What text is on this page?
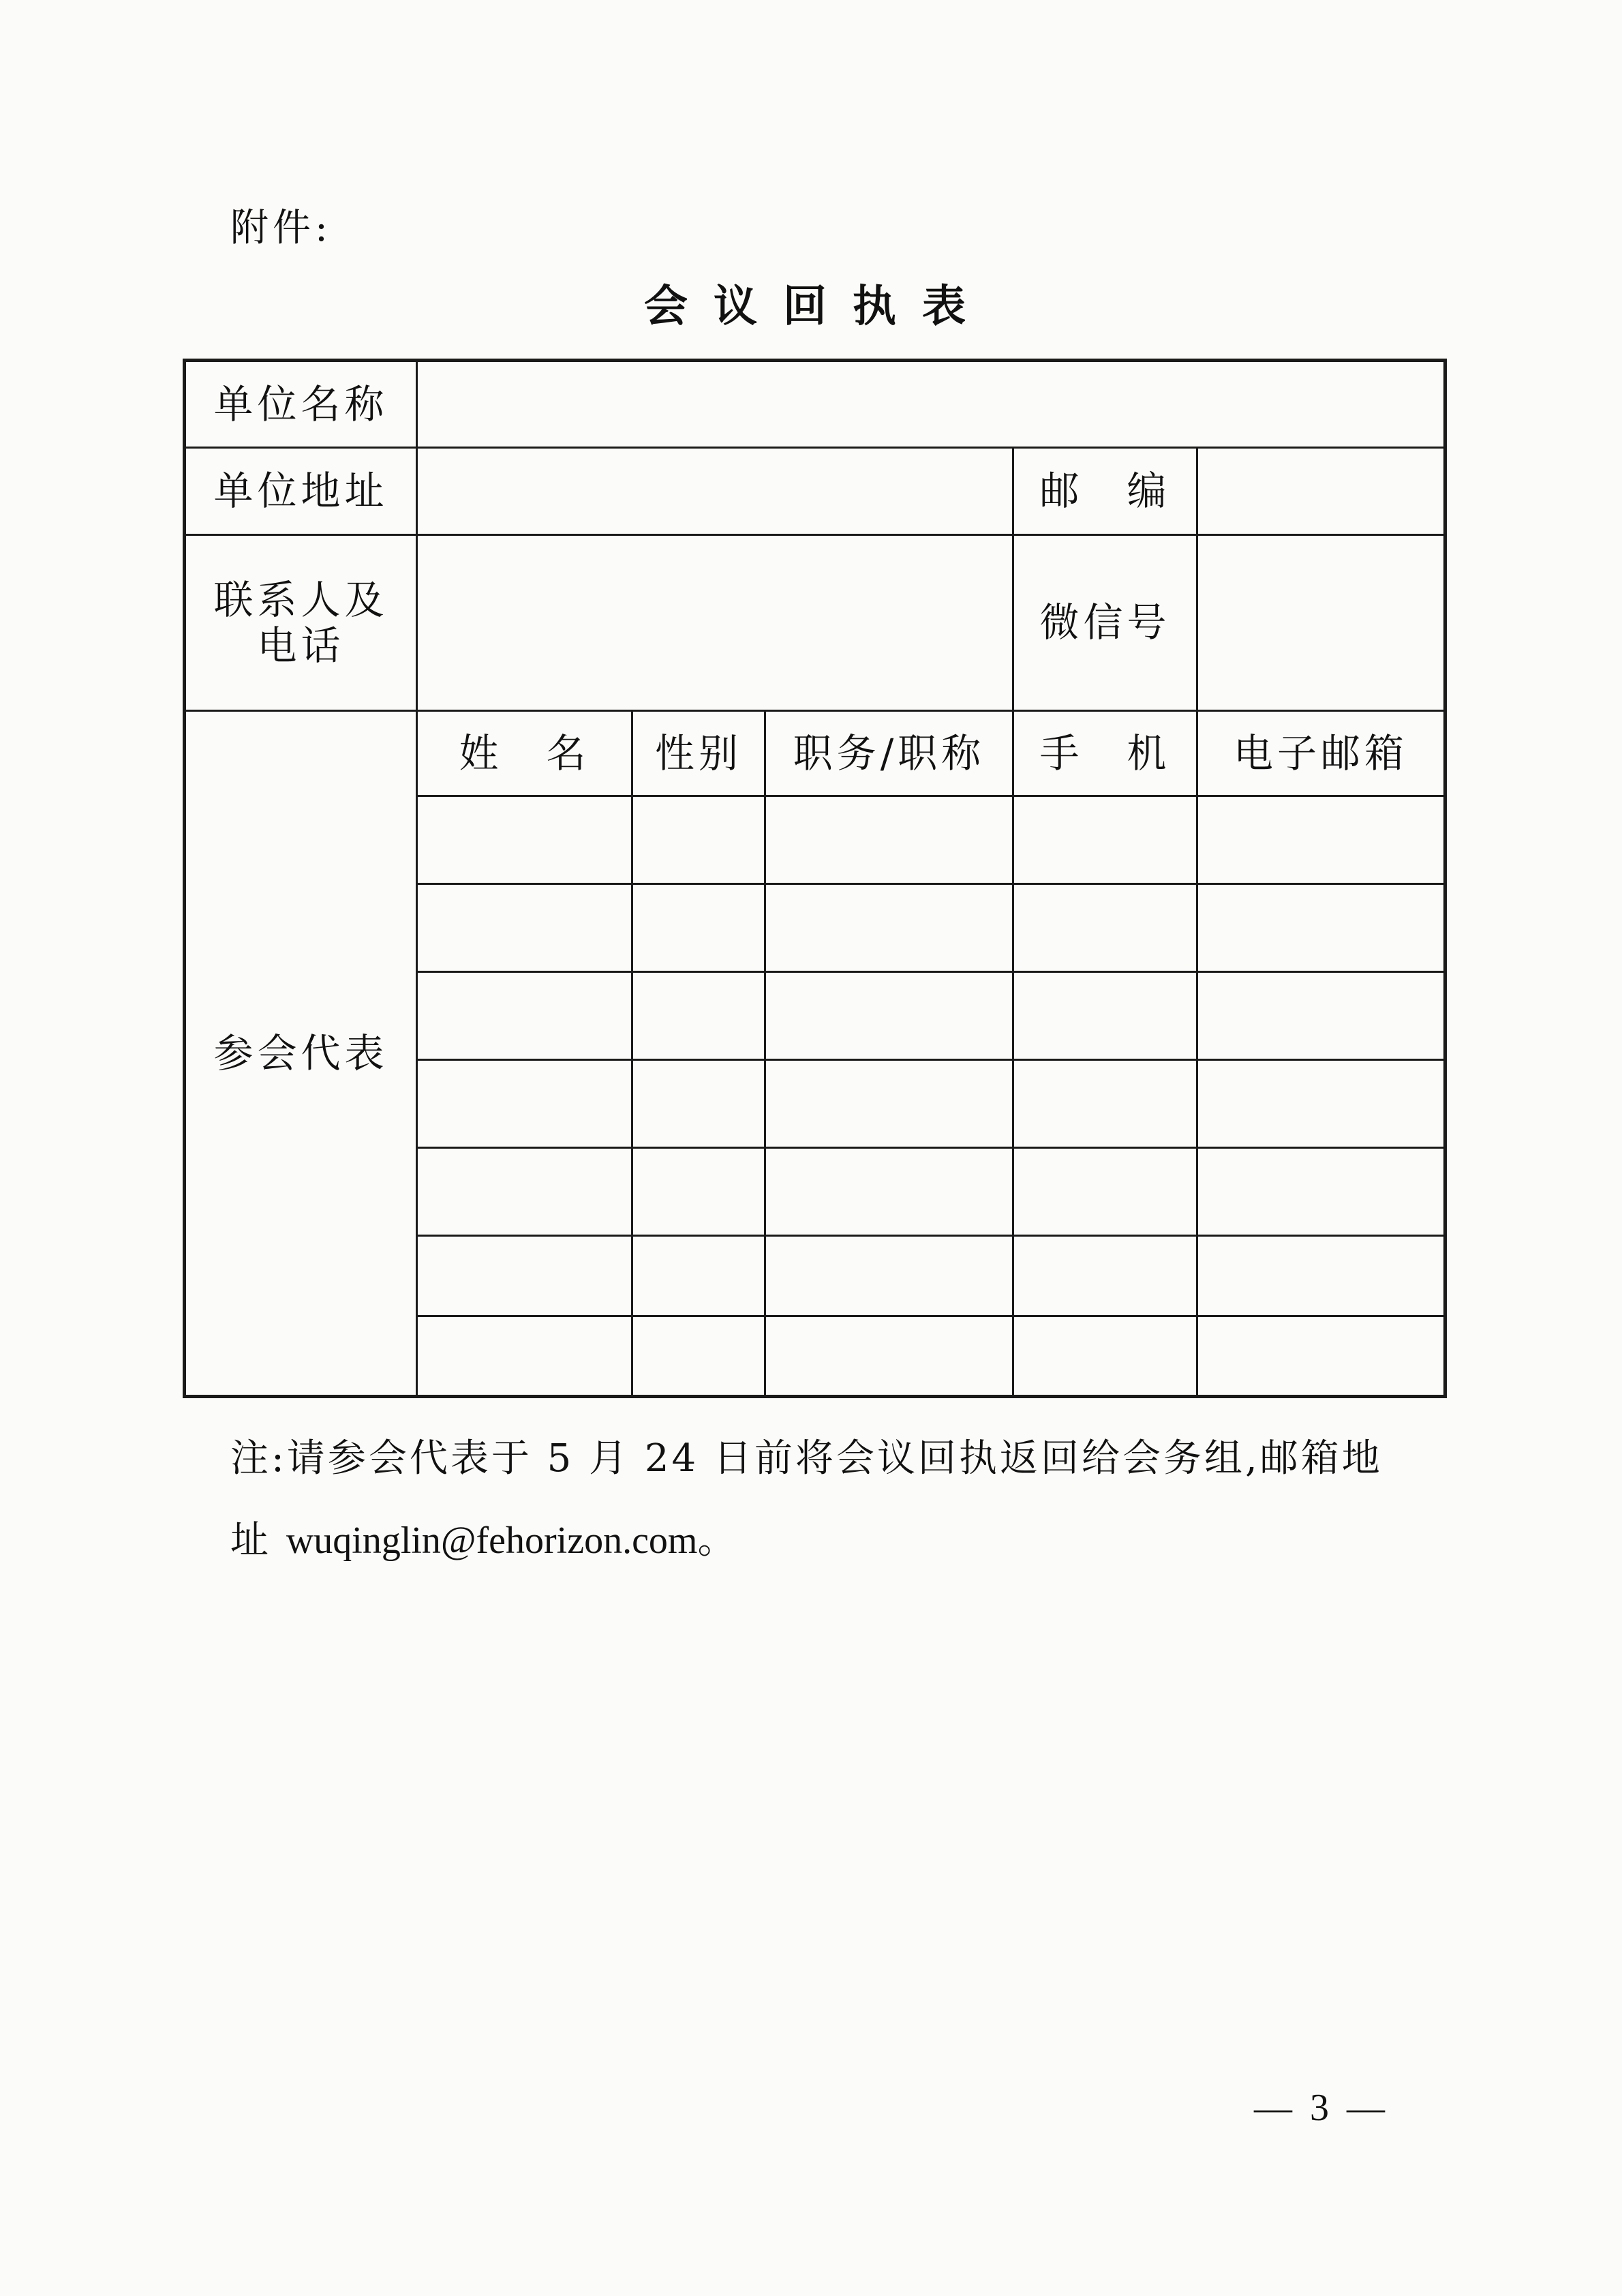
附件:
会议回执表
单位名称					
单位地址				邮　编	

联系人及
电话				微信号	
参会代表	姓　名	性别	职务/职称	手　机	电子邮箱

注:请参会代表于 5 月 24 日前将会议回执返回给会务组,邮箱地址 wuqinglin@fehorizon.com。
— 3 —
